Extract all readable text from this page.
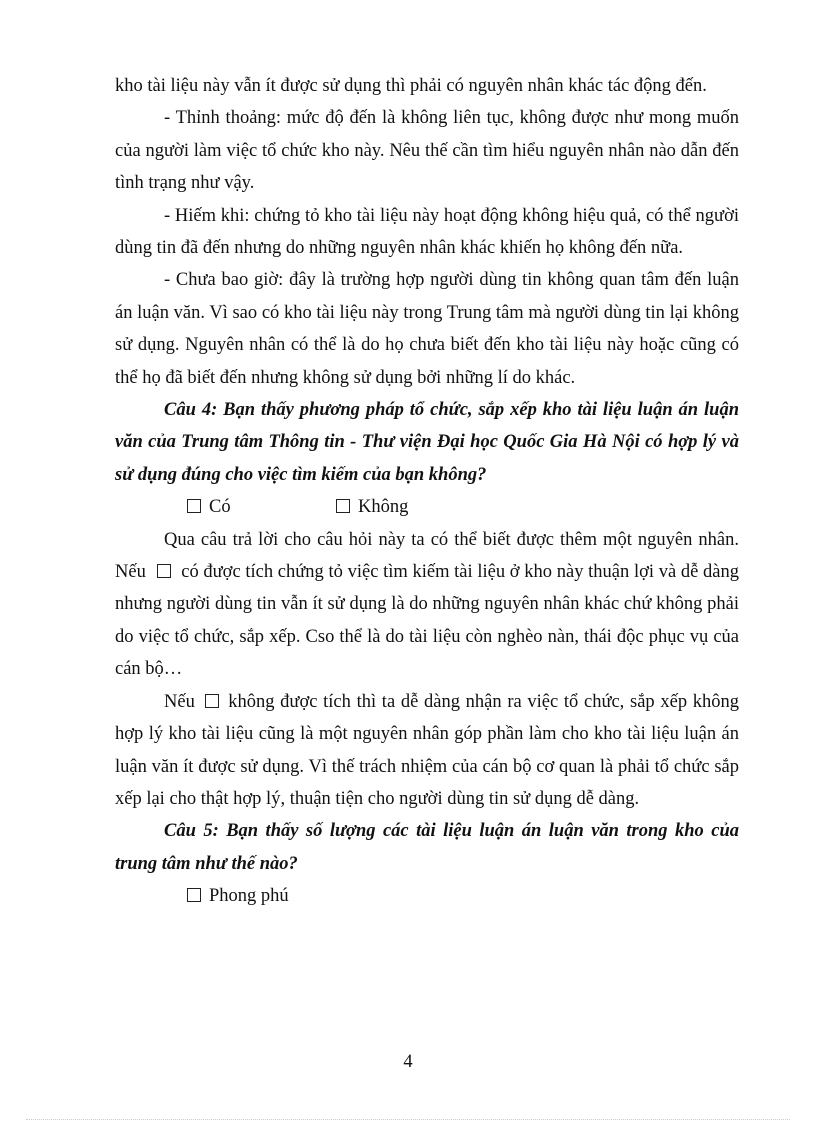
kho tài liệu này vẫn ít được sử dụng thì phải có nguyên nhân khác tác động đến.

- Thỉnh thoảng: mức độ đến là không liên tục, không được như mong muốn của người làm việc tổ chức kho này. Nêu thế cần tìm hiểu nguyên nhân nào dẫn đến tình trạng như vậy.

- Hiếm khi: chứng tỏ kho tài liệu này hoạt động không hiệu quả, có thể người dùng tin đã đến nhưng do những nguyên nhân khác khiến họ không đến nữa.

- Chưa bao giờ: đây là trường hợp người dùng tin không quan tâm đến luận án luận văn. Vì sao có kho tài liệu này trong Trung tâm mà người dùng tin lại không sử dụng. Nguyên nhân có thể là do họ chưa biết đến kho tài liệu này hoặc cũng có thể họ đã biết đến nhưng không sử dụng bởi những lí do khác.

Câu 4: Bạn thấy phương pháp tổ chức, sắp xếp kho tài liệu luận án luận văn của Trung tâm Thông tin - Thư viện Đại học Quốc Gia Hà Nội có hợp lý và sử dụng đúng cho việc tìm kiếm của bạn không?

Có	Không

Qua câu trả lời cho câu hỏi này ta có thể biết được thêm một nguyên nhân. Nếu có được tích chứng tỏ việc tìm kiếm tài liệu ở kho này thuận lợi và dễ dàng nhưng người dùng tin vẫn ít sử dụng là do những nguyên nhân khác chứ không phải do việc tổ chức, sắp xếp. Cso thể là do tài liệu còn nghèo nàn, thái độc phục vụ của cán bộ…

Nếu không được tích thì ta dễ dàng nhận ra việc tổ chức, sắp xếp không hợp lý kho tài liệu cũng là một nguyên nhân góp phần làm cho kho tài liệu luận án luận văn ít được sử dụng. Vì thế trách nhiệm của cán bộ cơ quan là phải tổ chức sắp xếp lại cho thật hợp lý, thuận tiện cho người dùng tin sử dụng dễ dàng.

Câu 5: Bạn thấy số lượng các tài liệu luận án luận văn trong kho của trung tâm như thế nào?

Phong phú
4
